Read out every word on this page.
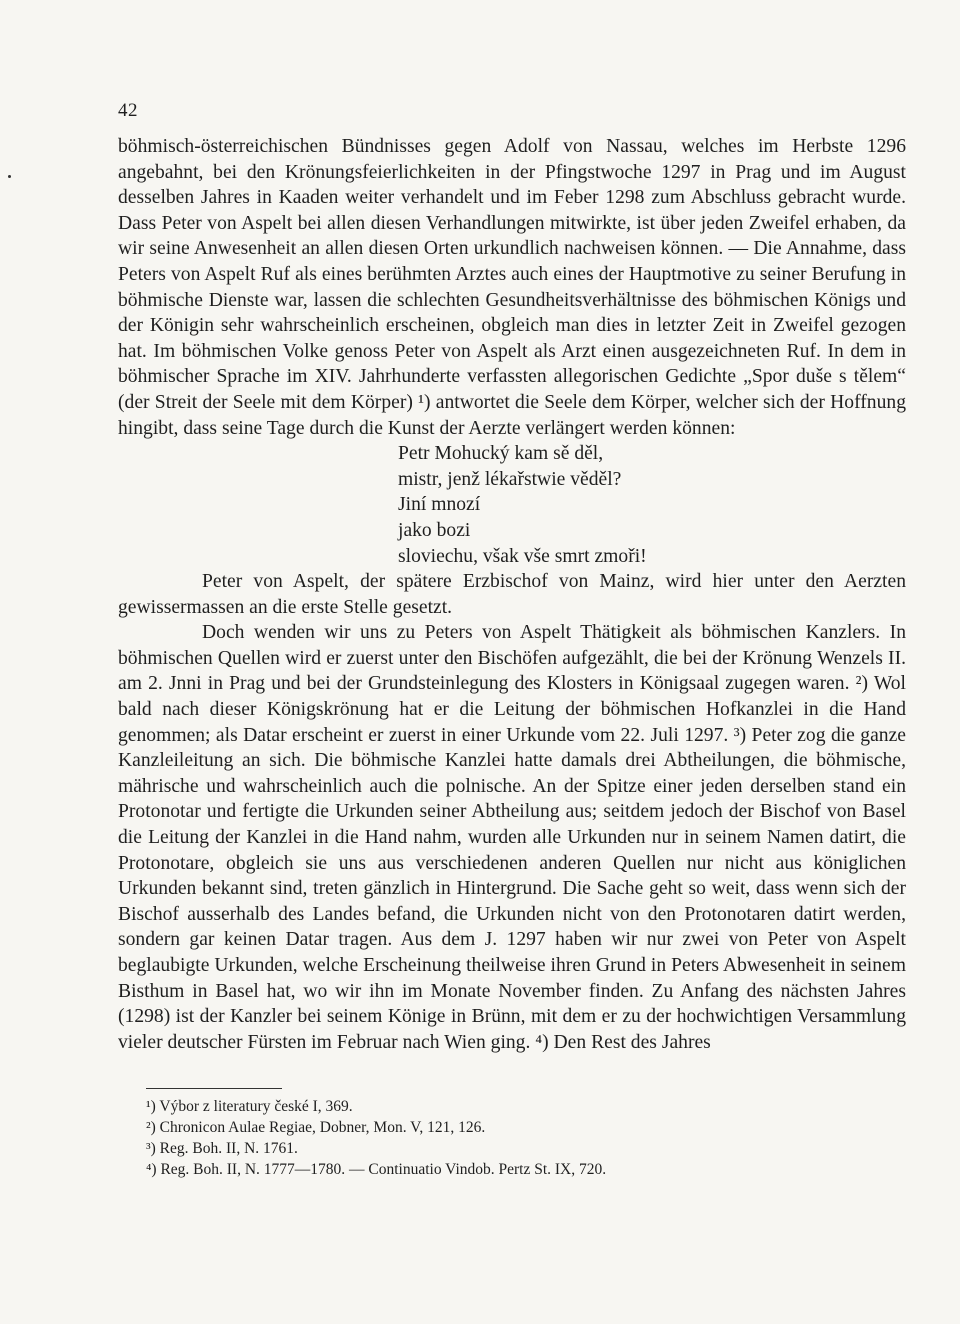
42

böhmisch-österreichischen Bündnisses gegen Adolf von Nassau, welches im Herbste 1296 angebahnt, bei den Krönungsfeierlichkeiten in der Pfingstwoche 1297 in Prag und im August desselben Jahres in Kaaden weiter verhandelt und im Feber 1298 zum Abschluss gebracht wurde. Dass Peter von Aspelt bei allen diesen Verhandlungen mitwirkte, ist über jeden Zweifel erhaben, da wir seine Anwesenheit an allen diesen Orten urkundlich nachweisen können. — Die Annahme, dass Peters von Aspelt Ruf als eines berühmten Arztes auch eines der Hauptmotive zu seiner Berufung in böhmische Dienste war, lassen die schlechten Gesundheitsverhältnisse des böhmischen Königs und der Königin sehr wahrscheinlich erscheinen, obgleich man dies in letzter Zeit in Zweifel gezogen hat. Im böhmischen Volke genoss Peter von Aspelt als Arzt einen ausgezeichneten Ruf. In dem in böhmischer Sprache im XIV. Jahrhunderte verfassten allegorischen Gedichte „Spor duše s tělem“ (der Streit der Seele mit dem Körper) ¹) antwortet die Seele dem Körper, welcher sich der Hoffnung hingibt, dass seine Tage durch die Kunst der Aerzte verlängert werden können:

Petr Mohucký kam sě děl,
mistr, jenž lékařstwie věděl?
Jiní mnozí
jako bozi
sloviechu, však vše smrt zmoři!

Peter von Aspelt, der spätere Erzbischof von Mainz, wird hier unter den Aerzten gewissermassen an die erste Stelle gesetzt.

Doch wenden wir uns zu Peters von Aspelt Thätigkeit als böhmischen Kanzlers. In böhmischen Quellen wird er zuerst unter den Bischöfen aufgezählt, die bei der Krönung Wenzels II. am 2. Jnni in Prag und bei der Grundsteinlegung des Klosters in Königsaal zugegen waren. ²) Wol bald nach dieser Königskrönung hat er die Leitung der böhmischen Hofkanzlei in die Hand genommen; als Datar erscheint er zuerst in einer Urkunde vom 22. Juli 1297. ³) Peter zog die ganze Kanzleileitung an sich. Die böhmische Kanzlei hatte damals drei Abtheilungen, die böhmische, mährische und wahrscheinlich auch die polnische. An der Spitze einer jeden derselben stand ein Protonotar und fertigte die Urkunden seiner Abtheilung aus; seitdem jedoch der Bischof von Basel die Leitung der Kanzlei in die Hand nahm, wurden alle Urkunden nur in seinem Namen datirt, die Protonotare, obgleich sie uns aus verschiedenen anderen Quellen nur nicht aus königlichen Urkunden bekannt sind, treten gänzlich in Hintergrund. Die Sache geht so weit, dass wenn sich der Bischof ausserhalb des Landes befand, die Urkunden nicht von den Protonotaren datirt werden, sondern gar keinen Datar tragen. Aus dem J. 1297 haben wir nur zwei von Peter von Aspelt beglaubigte Urkunden, welche Erscheinung theilweise ihren Grund in Peters Abwesenheit in seinem Bisthum in Basel hat, wo wir ihn im Monate November finden. Zu Anfang des nächsten Jahres (1298) ist der Kanzler bei seinem Könige in Brünn, mit dem er zu der hochwichtigen Versammlung vieler deutscher Fürsten im Februar nach Wien ging. ⁴) Den Rest des Jahres

¹) Výbor z literatury české I, 369.
²) Chronicon Aulae Regiae, Dobner, Mon. V, 121, 126.
³) Reg. Boh. II, N. 1761.
⁴) Reg. Boh. II, N. 1777—1780. — Continuatio Vindob. Pertz St. IX, 720.
